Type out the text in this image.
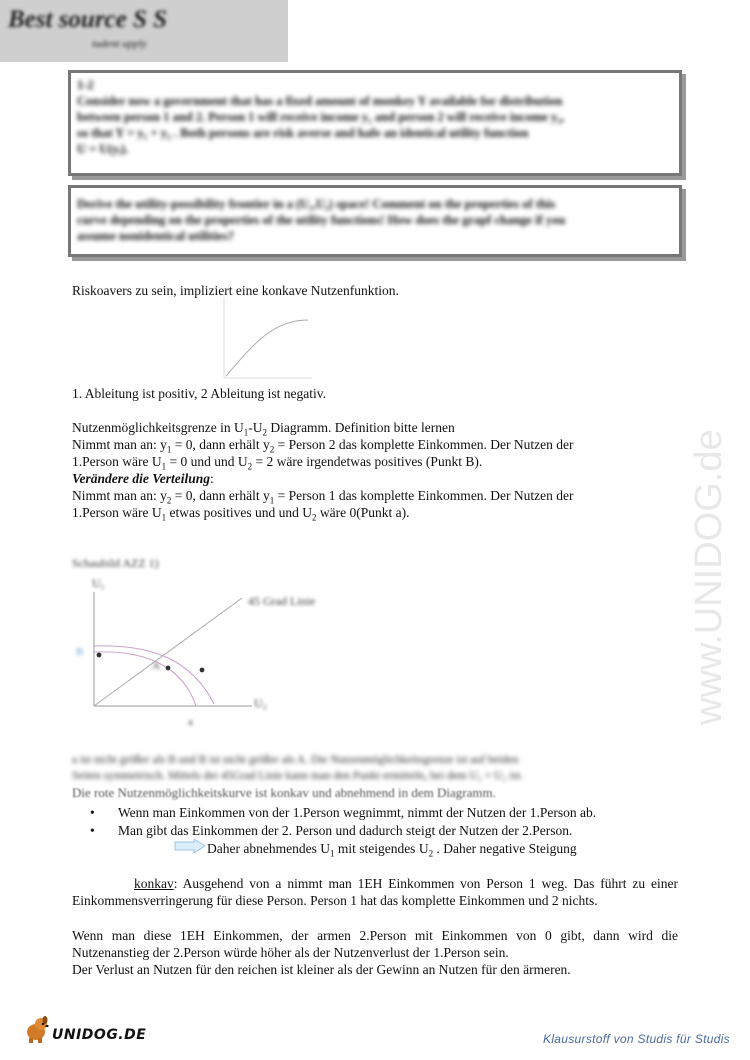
Best source S S
tudent upply
www.UNIDOG.de
1-2
Consider now a government that has a fixed amount of monkey Y available for distribution
between person 1 and 2. Person 1 will receive income y₁ and person 2 will receive income y₂,
so that Y = y₁ + y₂ . Both persons are risk averse and hafe an identical utility function
U = U(yᵢ).
Derive the utility-possibility frontier in a (U₁,U₂) space! Comment on the properties of this
curve depending on the properties of the utility functions! How does the grapf change if you
assume nonidentical utilities?
Riskoavers zu sein, impliziert eine konkave Nutzenfunktion.
1. Ableitung ist positiv, 2 Ableitung ist negativ.
Nutzenmöglichkeitsgrenze in $U_1-U_2$ Diagramm. Definition bitte lernen
Nimmt man an: $y_1 = 0$, dann erhält $y_2$ = Person 2 das komplette Einkommen. Der Nutzen der
1.Person wäre $U_1 = 0$ und und $U_2 = 2$ wäre irgendetwas positives (Punkt B).
Verändere die Verteilung:
Nimmt man an: $y_2 = 0$, dann erhält $y_1$ = Person 1 das komplette Einkommen. Der Nutzen der
1.Person wäre $U_1$ etwas positives und und $U_2$ wäre 0(Punkt a).
Schaubild AZZ 1)
U₁
45 Grad Linie
U₂
A
B
a
a ist nicht größer als B und B ist nicht größer als A. Die Nutzenmöglichkeitsgrenze ist auf beiden
Seiten symmetrisch. Mittels der 45Grad Linie kann man den Punkt ermitteln, bei dem U₁ = U₂ ist.
Die rote Nutzenmöglichkeitskurve ist konkav und abnehmend in dem Diagramm.
• Wenn man Einkommen von der 1.Person wegnimmt, nimmt der Nutzen der 1.Person ab.
• Man gibt das Einkommen der 2. Person und dadurch steigt der Nutzen der 2.Person.
Daher abnehmendes $U_1$ mit steigendes $U_2$ . Daher negative Steigung
konkav: Ausgehend von a nimmt man 1EH Einkommen von Person 1 weg. Das führt zu einer Einkommensverringerung für diese Person. Person 1 hat das komplette Einkommen und 2 nichts.
Wenn man diese 1EH Einkommen, der armen 2.Person mit Einkommen von 0 gibt, dann wird die Nutzenanstieg der 2.Person würde höher als der Nutzenverlust der 1.Person sein.
Der Verlust an Nutzen für den reichen ist kleiner als der Gewinn an Nutzen für den ärmeren.
UNIDOG.DE	Klausurstoff von Studis für Studis
